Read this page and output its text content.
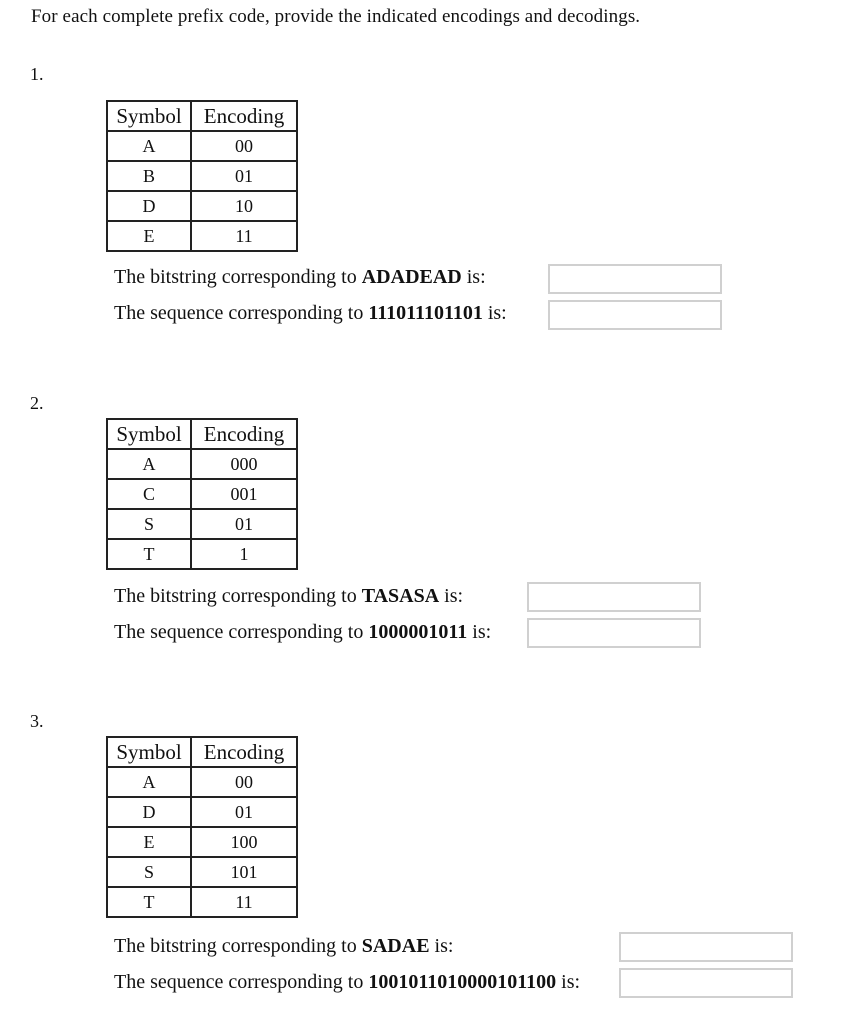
For each complete prefix code, provide the indicated encodings and decodings.
1.
Symbol	Encoding
A	00
B	01
D	10
E	11
The bitstring corresponding to ADADEAD is:
The sequence corresponding to 111011101101 is:
2.
Symbol	Encoding
A	000
C	001
S	01
T	1
The bitstring corresponding to TASASA is:
The sequence corresponding to 1000001011 is:
3.
Symbol	Encoding
A	00
D	01
E	100
S	101
T	11
The bitstring corresponding to SADAE is:
The sequence corresponding to 1001011010000101100 is:
